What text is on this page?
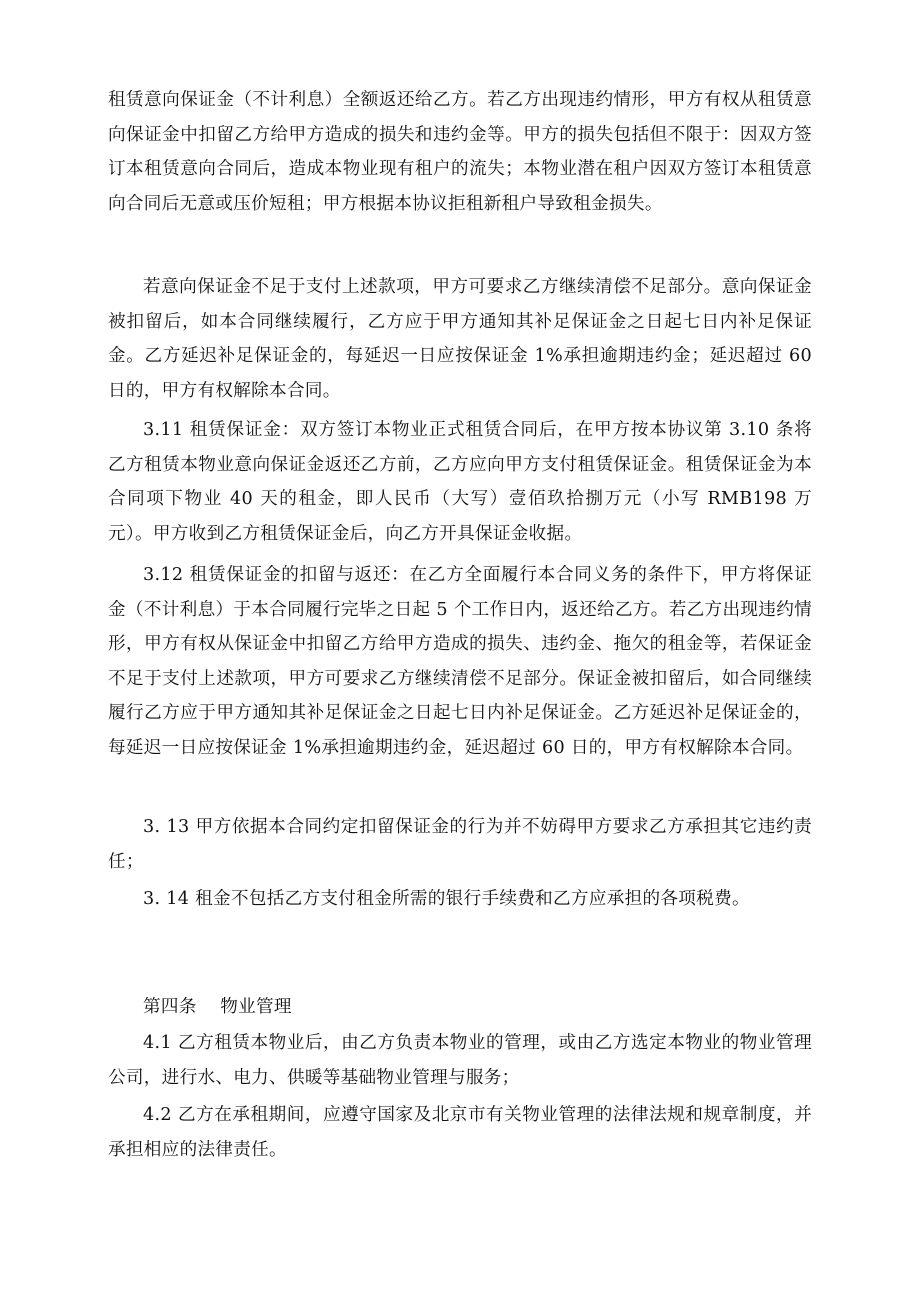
租赁意向保证金（不计利息）全额返还给乙方。若乙方出现违约情形，甲方有权从租赁意向保证金中扣留乙方给甲方造成的损失和违约金等。甲方的损失包括但不限于：因双方签订本租赁意向合同后，造成本物业现有租户的流失；本物业潜在租户因双方签订本租赁意向合同后无意或压价短租；甲方根据本协议拒租新租户导致租金损失。

若意向保证金不足于支付上述款项，甲方可要求乙方继续清偿不足部分。意向保证金被扣留后，如本合同继续履行，乙方应于甲方通知其补足保证金之日起七日内补足保证金。乙方延迟补足保证金的，每延迟一日应按保证金 1%承担逾期违约金；延迟超过 60 日的，甲方有权解除本合同。

3.11 租赁保证金：双方签订本物业正式租赁合同后，在甲方按本协议第 3.10 条将乙方租赁本物业意向保证金返还乙方前，乙方应向甲方支付租赁保证金。租赁保证金为本合同项下物业 40 天的租金，即人民币（大写）壹佰玖拾捌万元（小写 RMB198 万元）。甲方收到乙方租赁保证金后，向乙方开具保证金收据。

3.12 租赁保证金的扣留与返还：在乙方全面履行本合同义务的条件下，甲方将保证金（不计利息）于本合同履行完毕之日起 5 个工作日内，返还给乙方。若乙方出现违约情形，甲方有权从保证金中扣留乙方给甲方造成的损失、违约金、拖欠的租金等，若保证金不足于支付上述款项，甲方可要求乙方继续清偿不足部分。保证金被扣留后，如合同继续履行乙方应于甲方通知其补足保证金之日起七日内补足保证金。乙方延迟补足保证金的，每延迟一日应按保证金 1%承担逾期违约金，延迟超过 60 日的，甲方有权解除本合同。

3. 13 甲方依据本合同约定扣留保证金的行为并不妨碍甲方要求乙方承担其它违约责任；

3. 14 租金不包括乙方支付租金所需的银行手续费和乙方应承担的各项税费。

第四条    物业管理

4.1 乙方租赁本物业后，由乙方负责本物业的管理，或由乙方选定本物业的物业管理公司，进行水、电力、供暖等基础物业管理与服务；

4.2 乙方在承租期间，应遵守国家及北京市有关物业管理的法律法规和规章制度，并承担相应的法律责任。
